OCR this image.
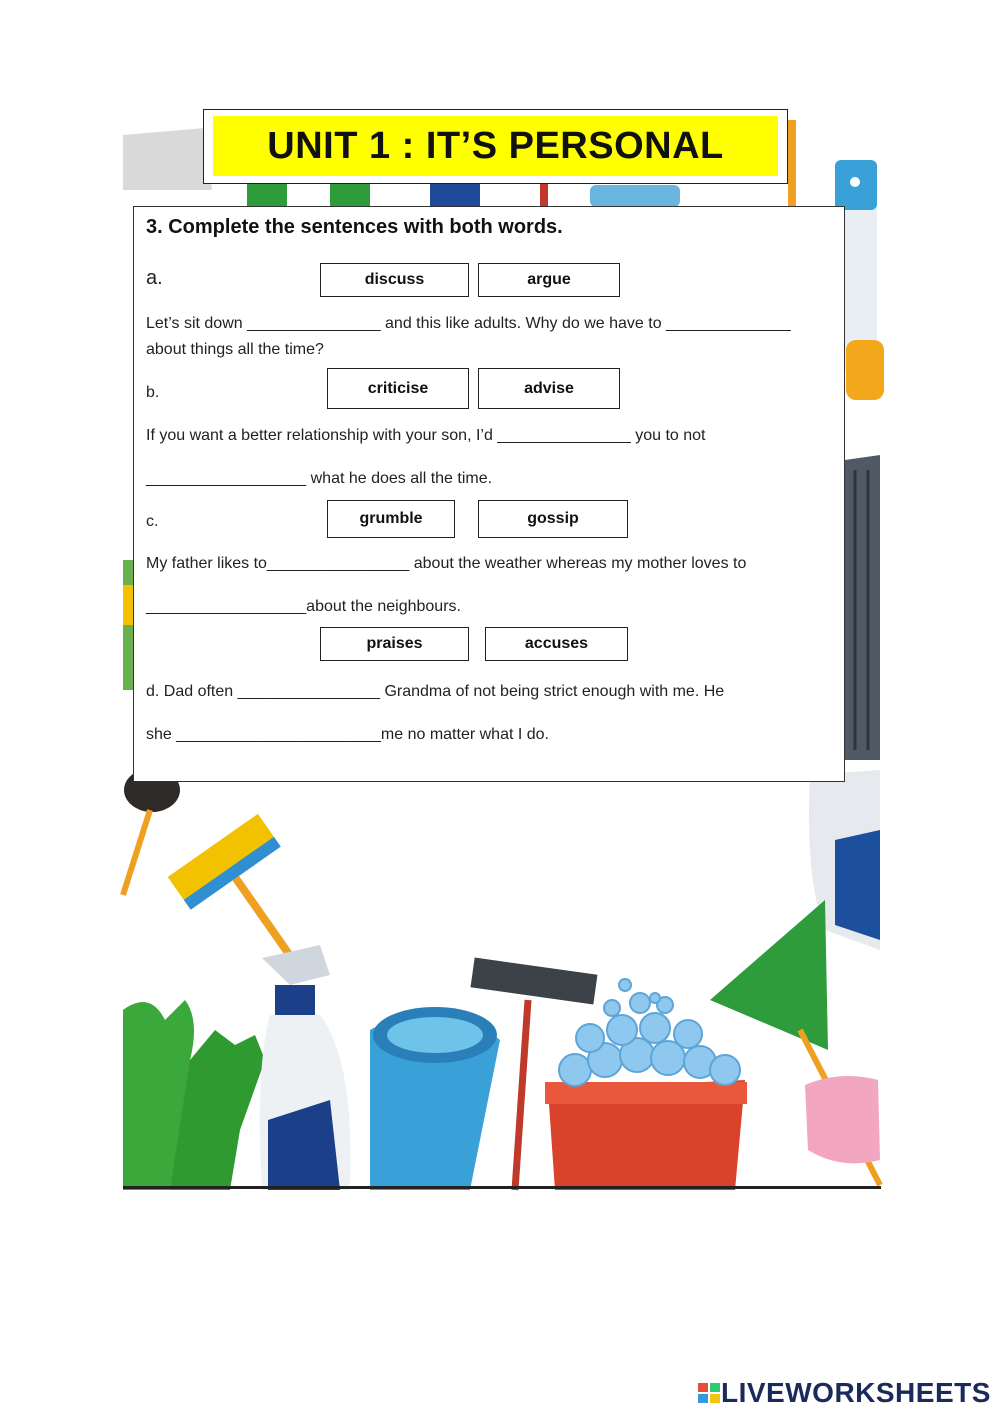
UNIT 1 : IT’S PERSONAL
3. Complete the sentences with both words.
a.	discuss	argue
Let’s sit down _______________ and this like adults. Why do we have to ______________
about things all the time?
b.	criticise	advise
If you want a better relationship with your son, I’d _______________ you to not
__________________ what he does all the time.
c.	grumble	gossip
My father likes to________________ about the weather whereas my mother loves to
__________________about the neighbours.
praises	accuses
d. Dad often ________________ Grandma of not being strict enough with me. He
she _______________________me no matter what I do.
LIVEWORKSHEETS
